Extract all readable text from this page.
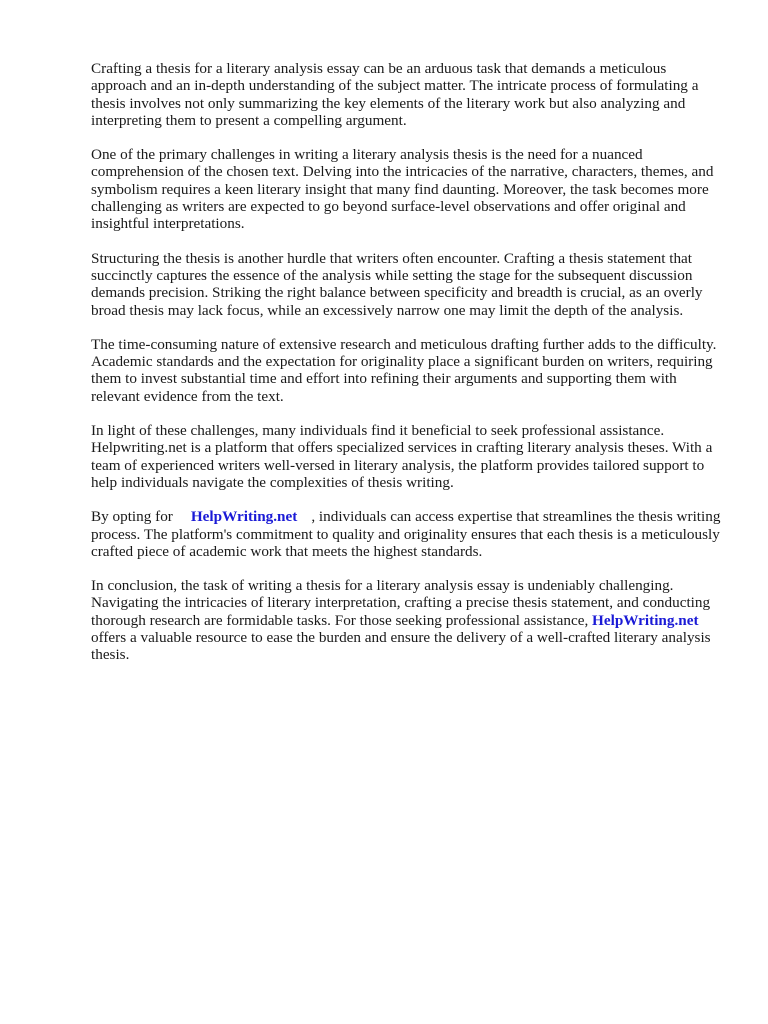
Crafting a thesis for a literary analysis essay can be an arduous task that demands a meticulous approach and an in-depth understanding of the subject matter. The intricate process of formulating a thesis involves not only summarizing the key elements of the literary work but also analyzing and interpreting them to present a compelling argument.

One of the primary challenges in writing a literary analysis thesis is the need for a nuanced comprehension of the chosen text. Delving into the intricacies of the narrative, characters, themes, and symbolism requires a keen literary insight that many find daunting. Moreover, the task becomes more challenging as writers are expected to go beyond surface-level observations and offer original and insightful interpretations.

Structuring the thesis is another hurdle that writers often encounter. Crafting a thesis statement that succinctly captures the essence of the analysis while setting the stage for the subsequent discussion demands precision. Striking the right balance between specificity and breadth is crucial, as an overly broad thesis may lack focus, while an excessively narrow one may limit the depth of the analysis.

The time-consuming nature of extensive research and meticulous drafting further adds to the difficulty. Academic standards and the expectation for originality place a significant burden on writers, requiring them to invest substantial time and effort into refining their arguments and supporting them with relevant evidence from the text.

In light of these challenges, many individuals find it beneficial to seek professional assistance. Helpwriting.net is a platform that offers specialized services in crafting literary analysis theses. With a team of experienced writers well-versed in literary analysis, the platform provides tailored support to help individuals navigate the complexities of thesis writing.

By opting for HelpWriting.net , individuals can access expertise that streamlines the thesis writing process. The platform's commitment to quality and originality ensures that each thesis is a meticulously crafted piece of academic work that meets the highest standards.

In conclusion, the task of writing a thesis for a literary analysis essay is undeniably challenging. Navigating the intricacies of literary interpretation, crafting a precise thesis statement, and conducting thorough research are formidable tasks. For those seeking professional assistance, HelpWriting.netoffers a valuable resource to ease the burden and ensure the delivery of a well-crafted literary analysis thesis.
